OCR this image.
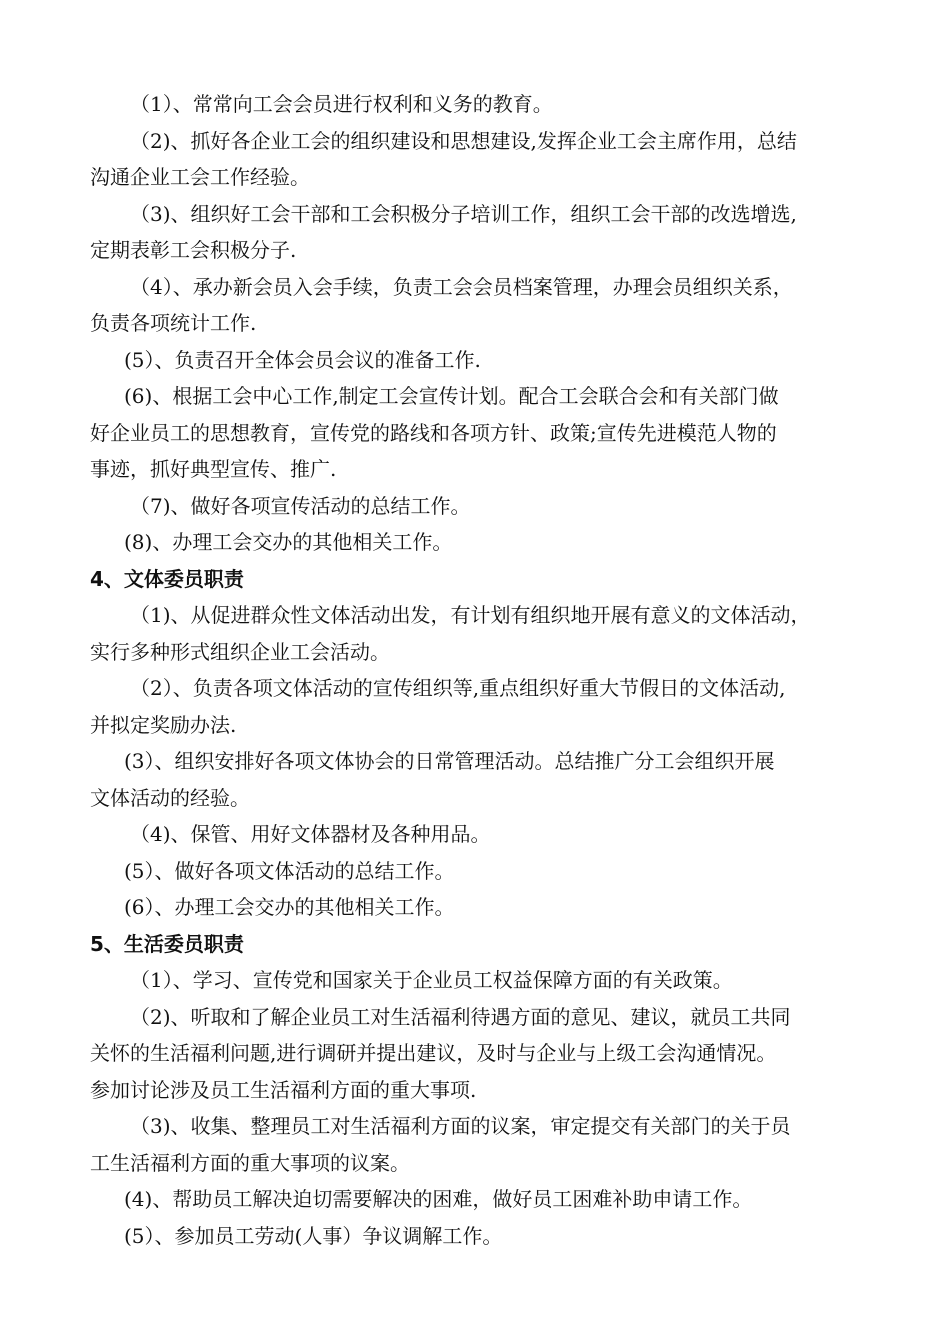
（1）、常常向工会会员进行权利和义务的教育。

（2)、抓好各企业工会的组织建设和思想建设,发挥企业工会主席作用，总结
沟通企业工会工作经验。

（3)、组织好工会干部和工会积极分子培训工作，组织工会干部的改选增选,
定期表彰工会积极分子.

（4）、承办新会员入会手续，负责工会会员档案管理，办理会员组织关系，
负责各项统计工作.

(5）、负责召开全体会员会议的准备工作.

(6)、根据工会中心工作,制定工会宣传计划。配合工会联合会和有关部门做
好企业员工的思想教育，宣传党的路线和各项方针、政策;宣传先进模范人物的
事迹，抓好典型宣传、推广.

（7)、做好各项宣传活动的总结工作。

(8)、办理工会交办的其他相关工作。

4、文体委员职责

（1)、从促进群众性文体活动出发，有计划有组织地开展有意义的文体活动，
实行多种形式组织企业工会活动。

（2）、负责各项文体活动的宣传组织等,重点组织好重大节假日的文体活动,
并拟定奖励办法.

(3）、组织安排好各项文体协会的日常管理活动。总结推广分工会组织开展
文体活动的经验。

（4)、保管、用好文体器材及各种用品。

(5）、做好各项文体活动的总结工作。

(6）、办理工会交办的其他相关工作。

5、生活委员职责

（1）、学习、宣传党和国家关于企业员工权益保障方面的有关政策。

（2)、听取和了解企业员工对生活福利待遇方面的意见、建议，就员工共同
关怀的生活福利问题,进行调研并提出建议，及时与企业与上级工会沟通情况。
参加讨论涉及员工生活福利方面的重大事项.

（3)、收集、整理员工对生活福利方面的议案，审定提交有关部门的关于员
工生活福利方面的重大事项的议案。

(4)、帮助员工解决迫切需要解决的困难，做好员工困难补助申请工作。

(5）、参加员工劳动(人事）争议调解工作。
